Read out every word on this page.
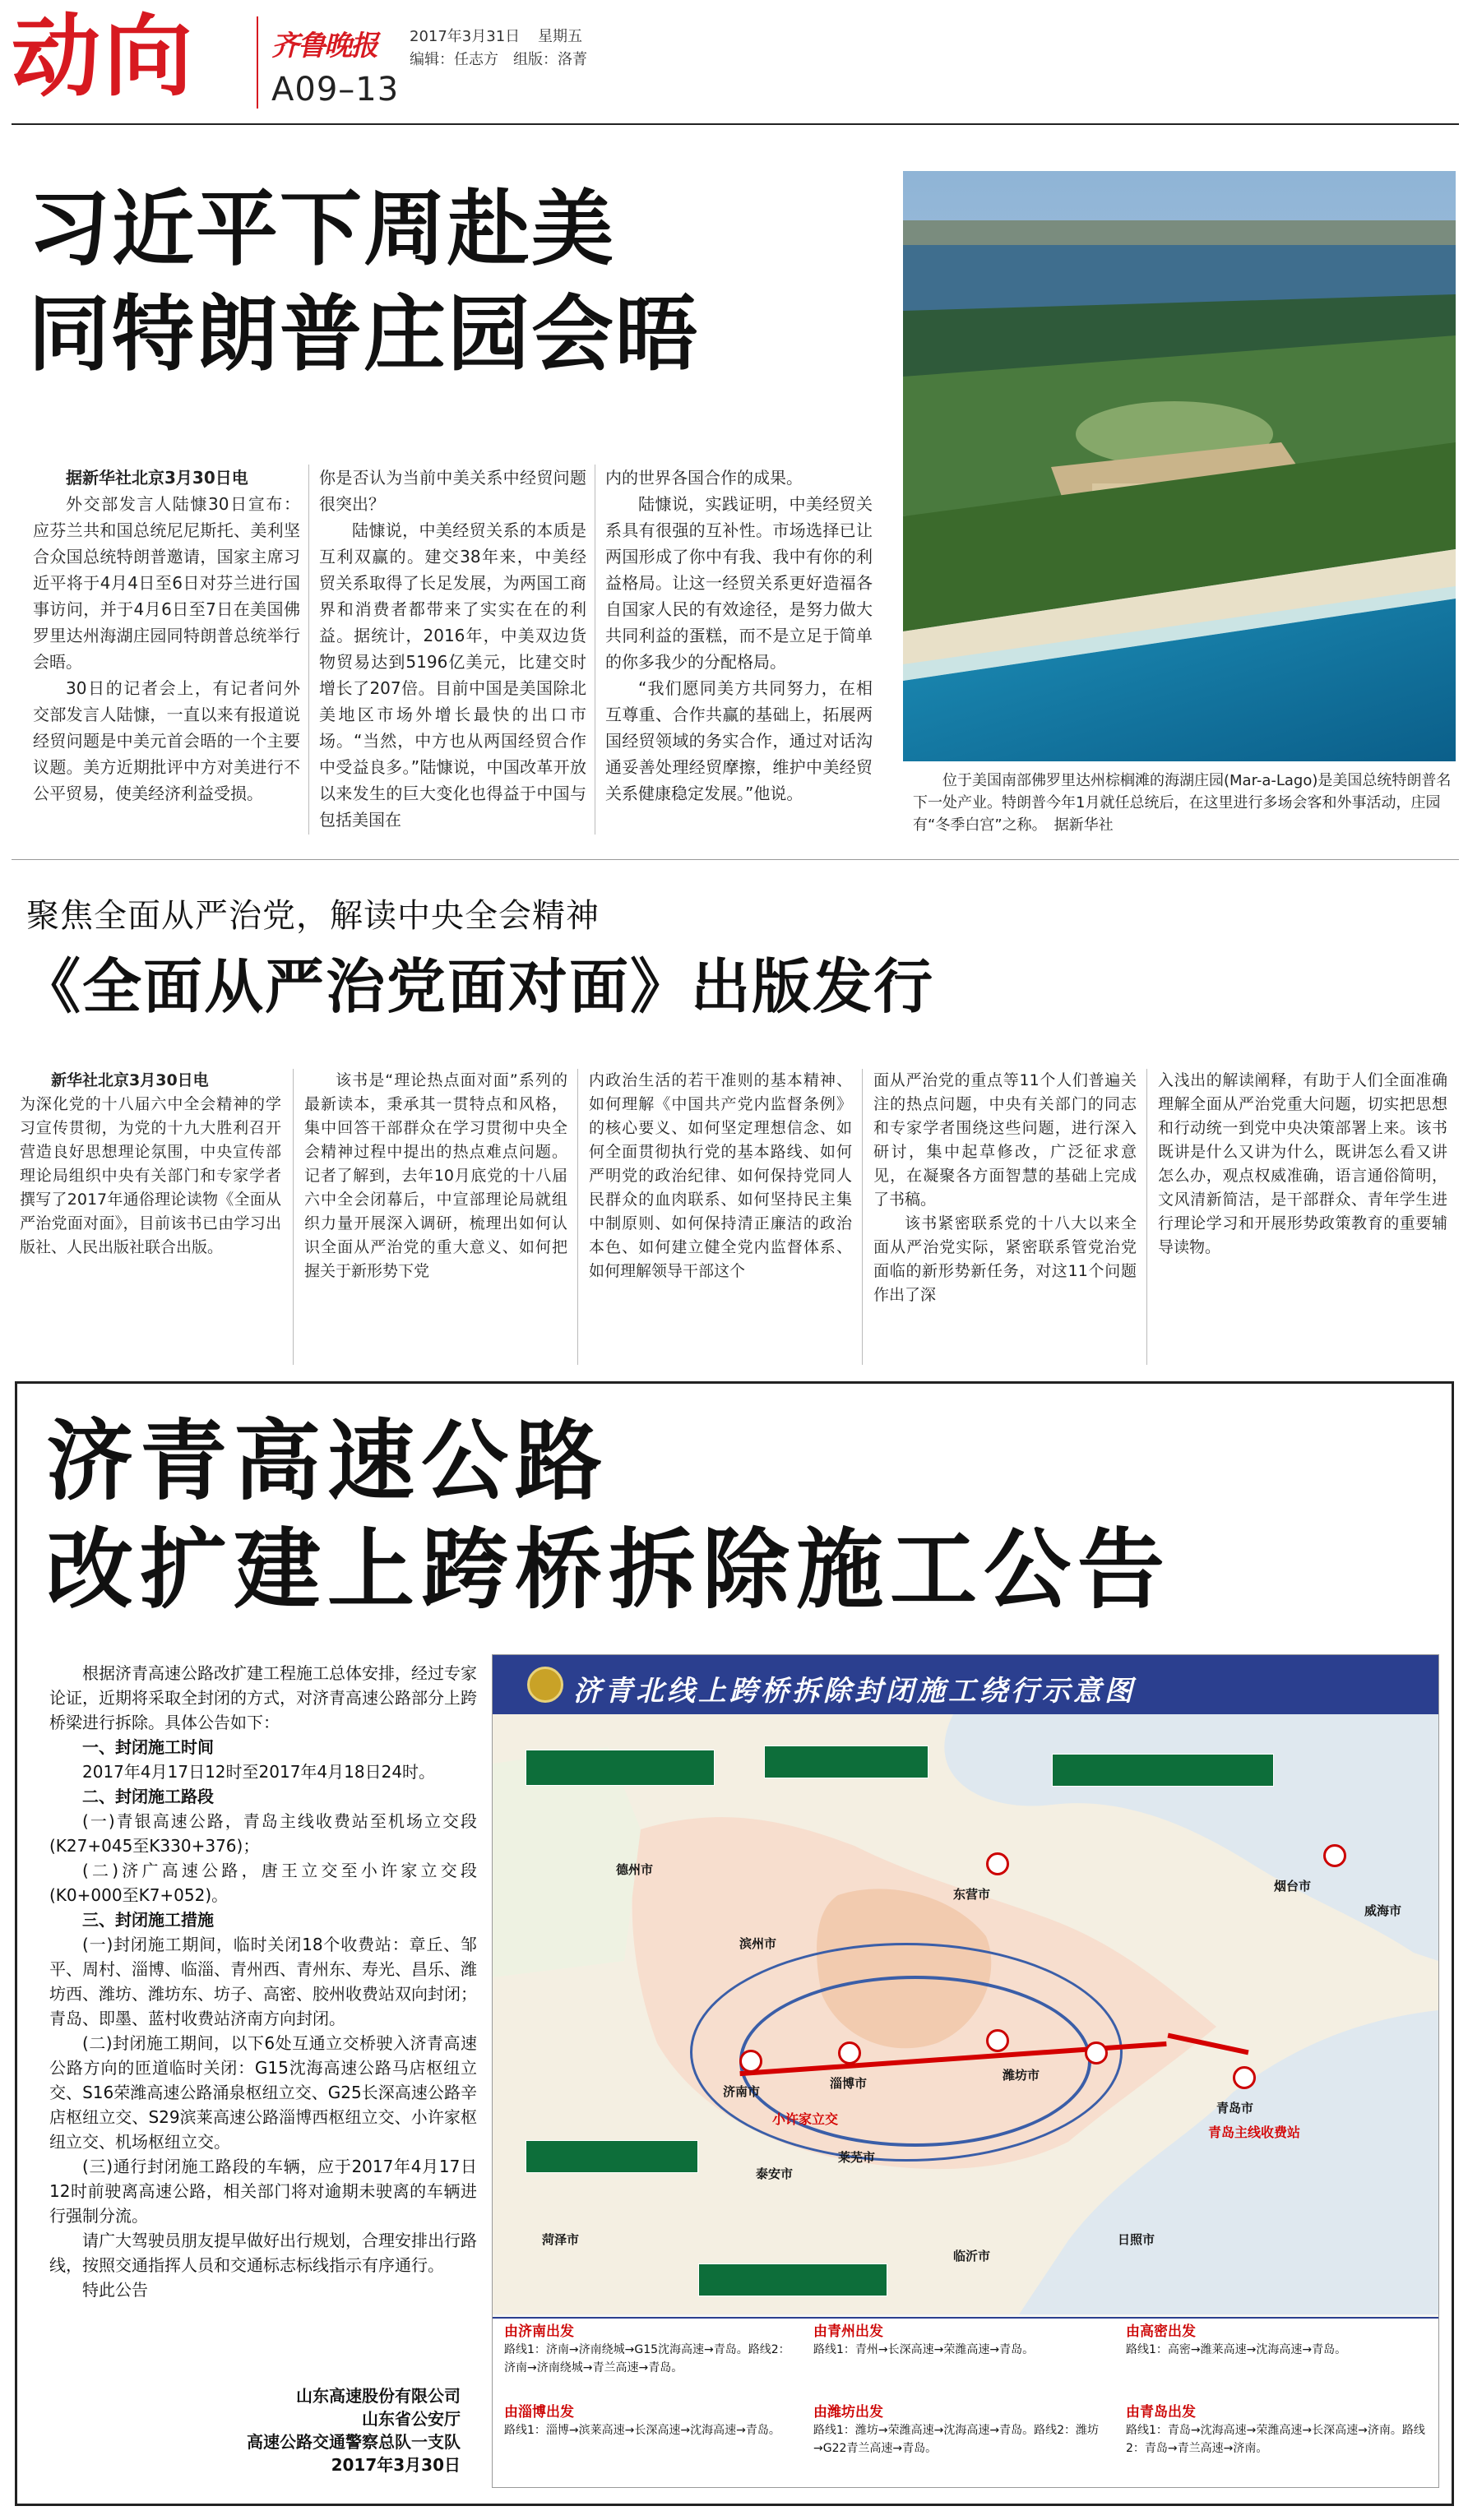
动向	齐鲁晚报
A09–13
2017年3月31日 星期五
编辑：任志方　组版：洛菁
习近平下周赴美
同特朗普庄园会晤
据新华社北京3月30日电

外交部发言人陆慷30日宣布：应芬兰共和国总统尼尼斯托、美利坚合众国总统特朗普邀请，国家主席习近平将于4月4日至6日对芬兰进行国事访问，并于4月6日至7日在美国佛罗里达州海湖庄园同特朗普总统举行会晤。

30日的记者会上，有记者问外交部发言人陆慷，一直以来有报道说经贸问题是中美元首会晤的一个主要议题。美方近期批评中方对美进行不公平贸易，使美经济利益受损。

你是否认为当前中美关系中经贸问题很突出？

陆慷说，中美经贸关系的本质是互利双赢的。建交38年来，中美经贸关系取得了长足发展，为两国工商界和消费者都带来了实实在在的利益。据统计，2016年，中美双边货物贸易达到5196亿美元，比建交时增长了207倍。目前中国是美国除北美地区市场外增长最快的出口市场。“当然，中方也从两国经贸合作中受益良多。”陆慷说，中国改革开放以来发生的巨大变化也得益于中国与包括美国在

内的世界各国合作的成果。

陆慷说，实践证明，中美经贸关系具有很强的互补性。市场选择已让两国形成了你中有我、我中有你的利益格局。让这一经贸关系更好造福各自国家人民的有效途径，是努力做大共同利益的蛋糕，而不是立足于简单的你多我少的分配格局。

“我们愿同美方共同努力，在相互尊重、合作共赢的基础上，拓展两国经贸领域的务实合作，通过对话沟通妥善处理经贸摩擦，维护中美经贸关系健康稳定发展。”他说。

位于美国南部佛罗里达州棕榈滩的海湖庄园(Mar-a-Lago)是美国总统特朗普名下一处产业。特朗普今年1月就任总统后，在这里进行多场会客和外事活动，庄园有“冬季白宫”之称。　据新华社
聚焦全面从严治党，解读中央全会精神
《全面从严治党面对面》出版发行
新华社北京3月30日电
为深化党的十八届六中全会精神的学习宣传贯彻，为党的十九大胜利召开营造良好思想理论氛围，中央宣传部理论局组织中央有关部门和专家学者撰写了2017年通俗理论读物《全面从严治党面对面》，目前该书已由学习出版社、人民出版社联合出版。

该书是“理论热点面对面”系列的最新读本，秉承其一贯特点和风格，集中回答干部群众在学习贯彻中央全会精神过程中提出的热点难点问题。记者了解到，去年10月底党的十八届六中全会闭幕后，中宣部理论局就组织力量开展深入调研，梳理出如何认识全面从严治党的重大意义、如何把握关于新形势下党

内政治生活的若干准则的基本精神、如何理解《中国共产党内监督条例》的核心要义、如何坚定理想信念、如何全面贯彻执行党的基本路线、如何严明党的政治纪律、如何保持党同人民群众的血肉联系、如何坚持民主集中制原则、如何保持清正廉洁的政治本色、如何建立健全党内监督体系、如何理解领导干部这个
面从严治党的重点等11个人们普遍关注的热点问题，中央有关部门的同志和专家学者围绕这些问题，进行深入研讨，集中起草修改，广泛征求意见，在凝聚各方面智慧的基础上完成了书稿。

该书紧密联系党的十八大以来全面从严治党实际，紧密联系管党治党面临的新形势新任务，对这11个问题作出了深

入浅出的解读阐释，有助于人们全面准确理解全面从严治党重大问题，切实把思想和行动统一到党中央决策部署上来。该书既讲是什么又讲为什么，既讲怎么看又讲怎么办，观点权威准确，语言通俗简明，文风清新简洁，是干部群众、青年学生进行理论学习和开展形势政策教育的重要辅导读物。
济青高速公路
改扩建上跨桥拆除施工公告
根据济青高速公路改扩建工程施工总体安排，经过专家论证，近期将采取全封闭的方式，对济青高速公路部分上跨桥梁进行拆除。具体公告如下：
一、封闭施工时间
2017年4月17日12时至2017年4月18日24时。
二、封闭施工路段
(一)青银高速公路，青岛主线收费站至机场立交段(K27+045至K330+376)；
(二)济广高速公路，唐王立交至小许家立交段(K0+000至K7+052)。
三、封闭施工措施
(一)封闭施工期间，临时关闭18个收费站：章丘、邹平、周村、淄博、临淄、青州西、青州东、寿光、昌乐、潍坊西、潍坊、潍坊东、坊子、高密、胶州收费站双向封闭；青岛、即墨、蓝村收费站济南方向封闭。
(二)封闭施工期间，以下6处互通立交桥驶入济青高速公路方向的匝道临时关闭：G15沈海高速公路马店枢纽立交、S16荣潍高速公路涌泉枢纽立交、G25长深高速公路辛店枢纽立交、S29滨莱高速公路淄博西枢纽立交、小许家枢纽立交、机场枢纽立交。
(三)通行封闭施工路段的车辆，应于2017年4月17日12时前驶离高速公路，相关部门将对逾期未驶离的车辆进行强制分流。
请广大驾驶员朋友提早做好出行规划，合理安排出行路线，按照交通指挥人员和交通标志标线指示有序通行。
特此公告
山东高速股份有限公司
山东省公安厅
高速公路交通警察总队一支队
2017年3月30日
济青北线上跨桥拆除封闭施工绕行示意图
德州市
滨州市
东营市
烟台市
威海市
济南市
淄博市
潍坊市
青岛市
日照市
泰安市
临沂市
莱芜市
菏泽市
小许家立交
青岛主线收费站
由济南出发
路线1：济南→济南绕城→G15沈海高速→青岛。路线2：济南→济南绕城→青兰高速→青岛。
由淄博出发
路线1：淄博→滨莱高速→长深高速→沈海高速→青岛。
由青州出发
路线1：青州→长深高速→荣潍高速→青岛。
由潍坊出发
路线1：潍坊→荣潍高速→沈海高速→青岛。路线2：潍坊→G22青兰高速→青岛。
由高密出发
路线1：高密→潍莱高速→沈海高速→青岛。
由青岛出发
路线1：青岛→沈海高速→荣潍高速→长深高速→济南。路线2：青岛→青兰高速→济南。
